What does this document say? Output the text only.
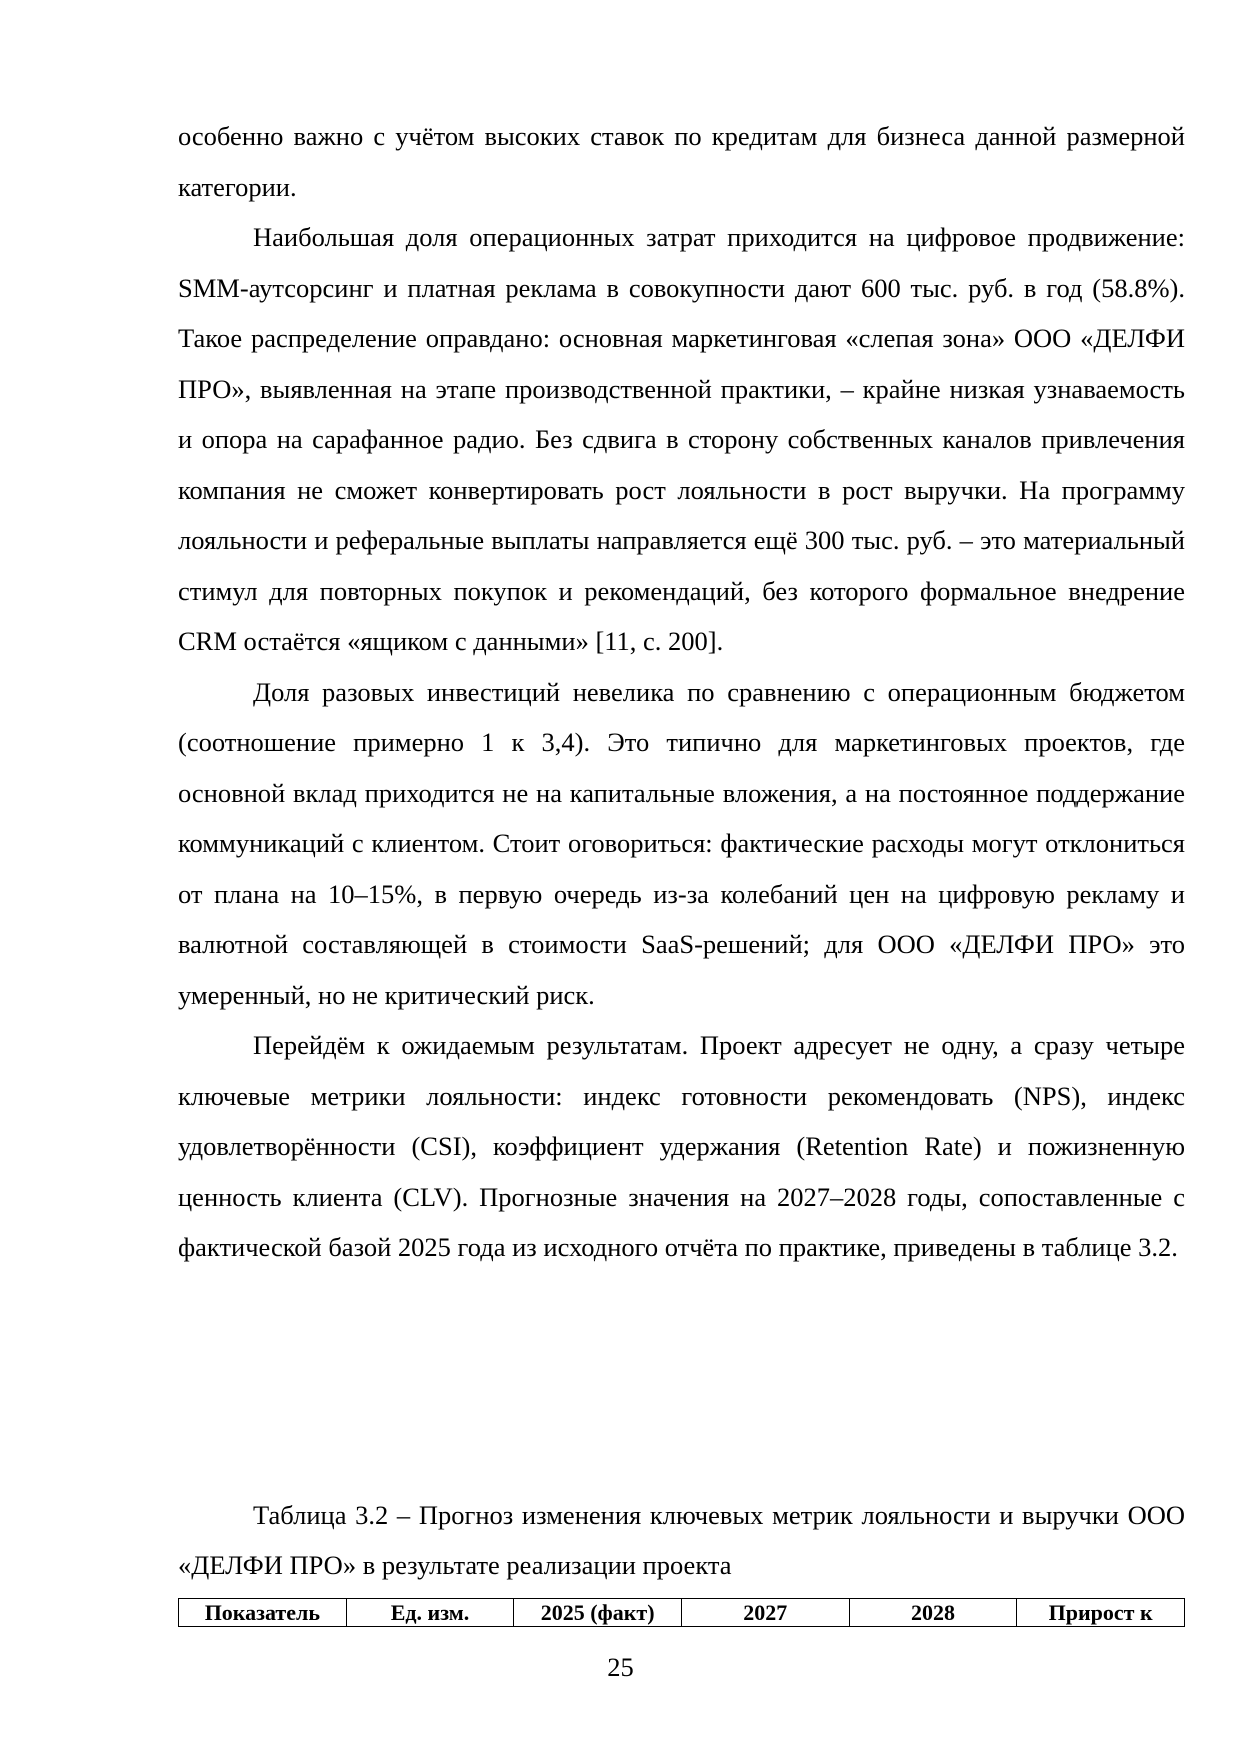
особенно важно с учётом высоких ставок по кредитам для бизнеса данной размерной категории.

Наибольшая доля операционных затрат приходится на цифровое продвижение: SMM-аутсорсинг и платная реклама в совокупности дают 600 тыс. руб. в год (58.8%). Такое распределение оправдано: основная маркетинговая «слепая зона» ООО «ДЕЛФИ ПРО», выявленная на этапе производственной практики, – крайне низкая узнаваемость и опора на сарафанное радио. Без сдвига в сторону собственных каналов привлечения компания не сможет конвертировать рост лояльности в рост выручки. На программу лояльности и реферальные выплаты направляется ещё 300 тыс. руб. – это материальный стимул для повторных покупок и рекомендаций, без которого формальное внедрение CRM остаётся «ящиком с данными» [11, с. 200].

Доля разовых инвестиций невелика по сравнению с операционным бюджетом (соотношение примерно 1 к 3,4). Это типично для маркетинговых проектов, где основной вклад приходится не на капитальные вложения, а на постоянное поддержание коммуникаций с клиентом. Стоит оговориться: фактические расходы могут отклониться от плана на 10–15%, в первую очередь из-за колебаний цен на цифровую рекламу и валютной составляющей в стоимости SaaS-решений; для ООО «ДЕЛФИ ПРО» это умеренный, но не критический риск.

Перейдём к ожидаемым результатам. Проект адресует не одну, а сразу четыре ключевые метрики лояльности: индекс готовности рекомендовать (NPS), индекс удовлетворённости (CSI), коэффициент удержания (Retention Rate) и пожизненную ценность клиента (CLV). Прогнозные значения на 2027–2028 годы, сопоставленные с фактической базой 2025 года из исходного отчёта по практике, приведены в таблице 3.2.

Таблица 3.2 – Прогноз изменения ключевых метрик лояльности и выручки ООО «ДЕЛФИ ПРО» в результате реализации проекта

Показатель	Ед. изм.	2025 (факт)	2027	2028	Прирост к
25
